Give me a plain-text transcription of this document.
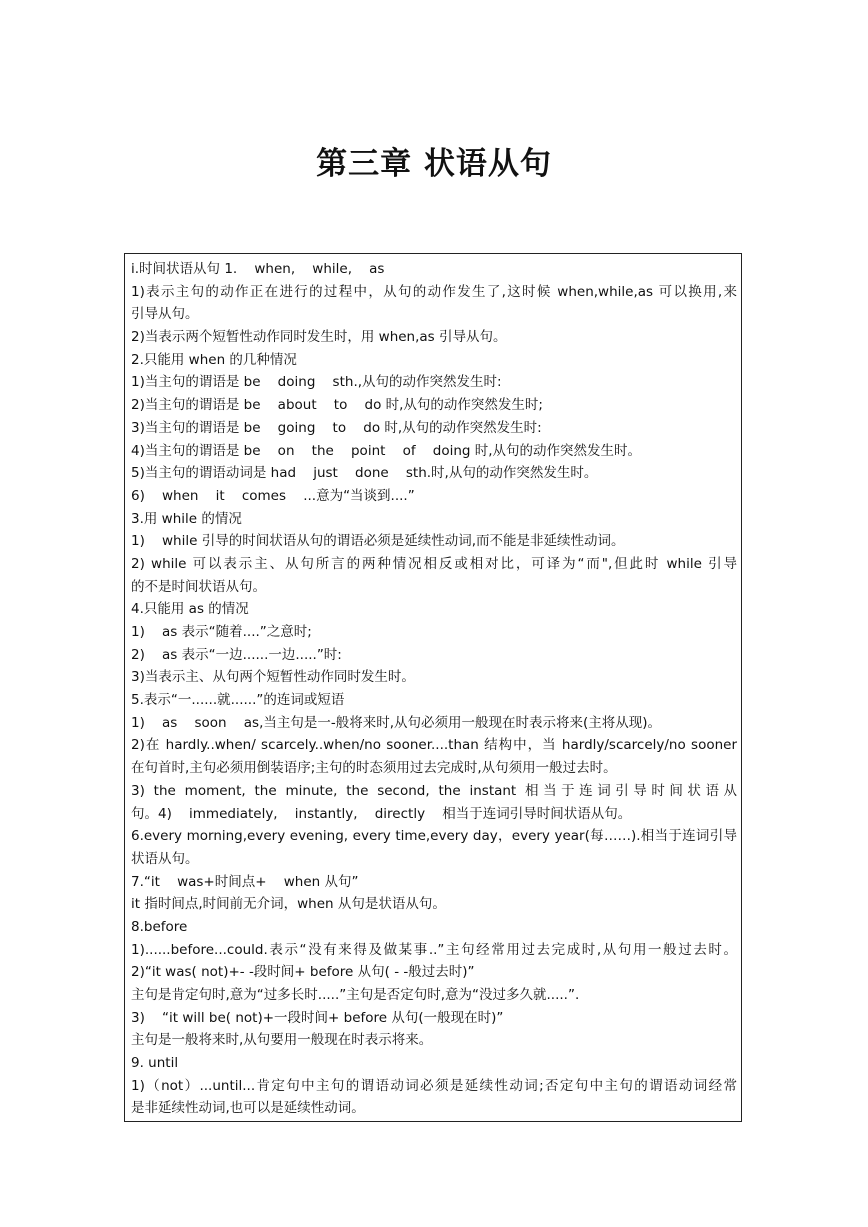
第三章 状语从句
i.时间状语从句 1.    when,    while,    as
1)表示主句的动作正在进行的过程中，从句的动作发生了,这时候 when,while,as 可以换用,来
引导从句。
2)当表示两个短暂性动作同时发生时，用 when,as 引导从句。
2.只能用 when 的几种情况
1)当主句的谓语是 be    doing    sth.,从句的动作突然发生时:
2)当主句的谓语是 be    about    to    do 时,从句的动作突然发生时;
3)当主句的谓语是 be    going    to    do 时,从句的动作突然发生时:
4)当主句的谓语是 be    on    the    point    of    doing 时,从句的动作突然发生时。
5)当主句的谓语动词是 had    just    done    sth.时,从句的动作突然发生时。
6)    when    it    comes    ...意为“当谈到....”
3.用 while 的情况
1)    while 引导的时间状语从句的谓语必须是延续性动词,而不能是非延续性动词。
2) while 可以表示主、从句所言的两种情况相反或相对比，可译为“而",但此时 while 引导
的不是时间状语从句。
4.只能用 as 的情况
1)    as 表示“随着....”之意时;
2)    as 表示“一边......一边.....”时:
3)当表示主、从句两个短暂性动作同时发生时。
5.表示“一......就......”的连词或短语
1)    as    soon    as,当主句是一-般将来时,从句必须用一般现在时表示将来(主将从现)。
2)在 hardly..when/ scarcely..when/no sooner....than 结构中，当 hardly/scarcely/no sooner
在句首时,主句必须用倒装语序;主句的时态须用过去完成时,从句须用一般过去时。
3) the moment, the minute, the second, the instant 相当于连词引导时间状语从
句。4)    immediately,    instantly,    directly    相当于连词引导时间状语从句。
6.every morning,every evening, every time,every day，every year(每……).相当于连词引导
状语从句。
7.“it    was+时间点+    when 从句”
it 指时间点,时间前无介词，when 从句是状语从句。
8.before
1)......before...could.表示“没有来得及做某事..”主句经常用过去完成时,从句用一般过去时。
2)“it was( not)+- -段时间+ before 从句( - -般过去时)”
主句是肯定句时,意为“过多长时.....”主句是否定句时,意为“没过多久就.....”.
3)    “it will be( not)+一段时间+ before 从句(一般现在时)”
主句是一般将来时,从句要用一般现在时表示将来。
9. until
1)（not）...until...肯定句中主句的谓语动词必须是延续性动词;否定句中主句的谓语动词经常
是非延续性动词,也可以是延续性动词。
